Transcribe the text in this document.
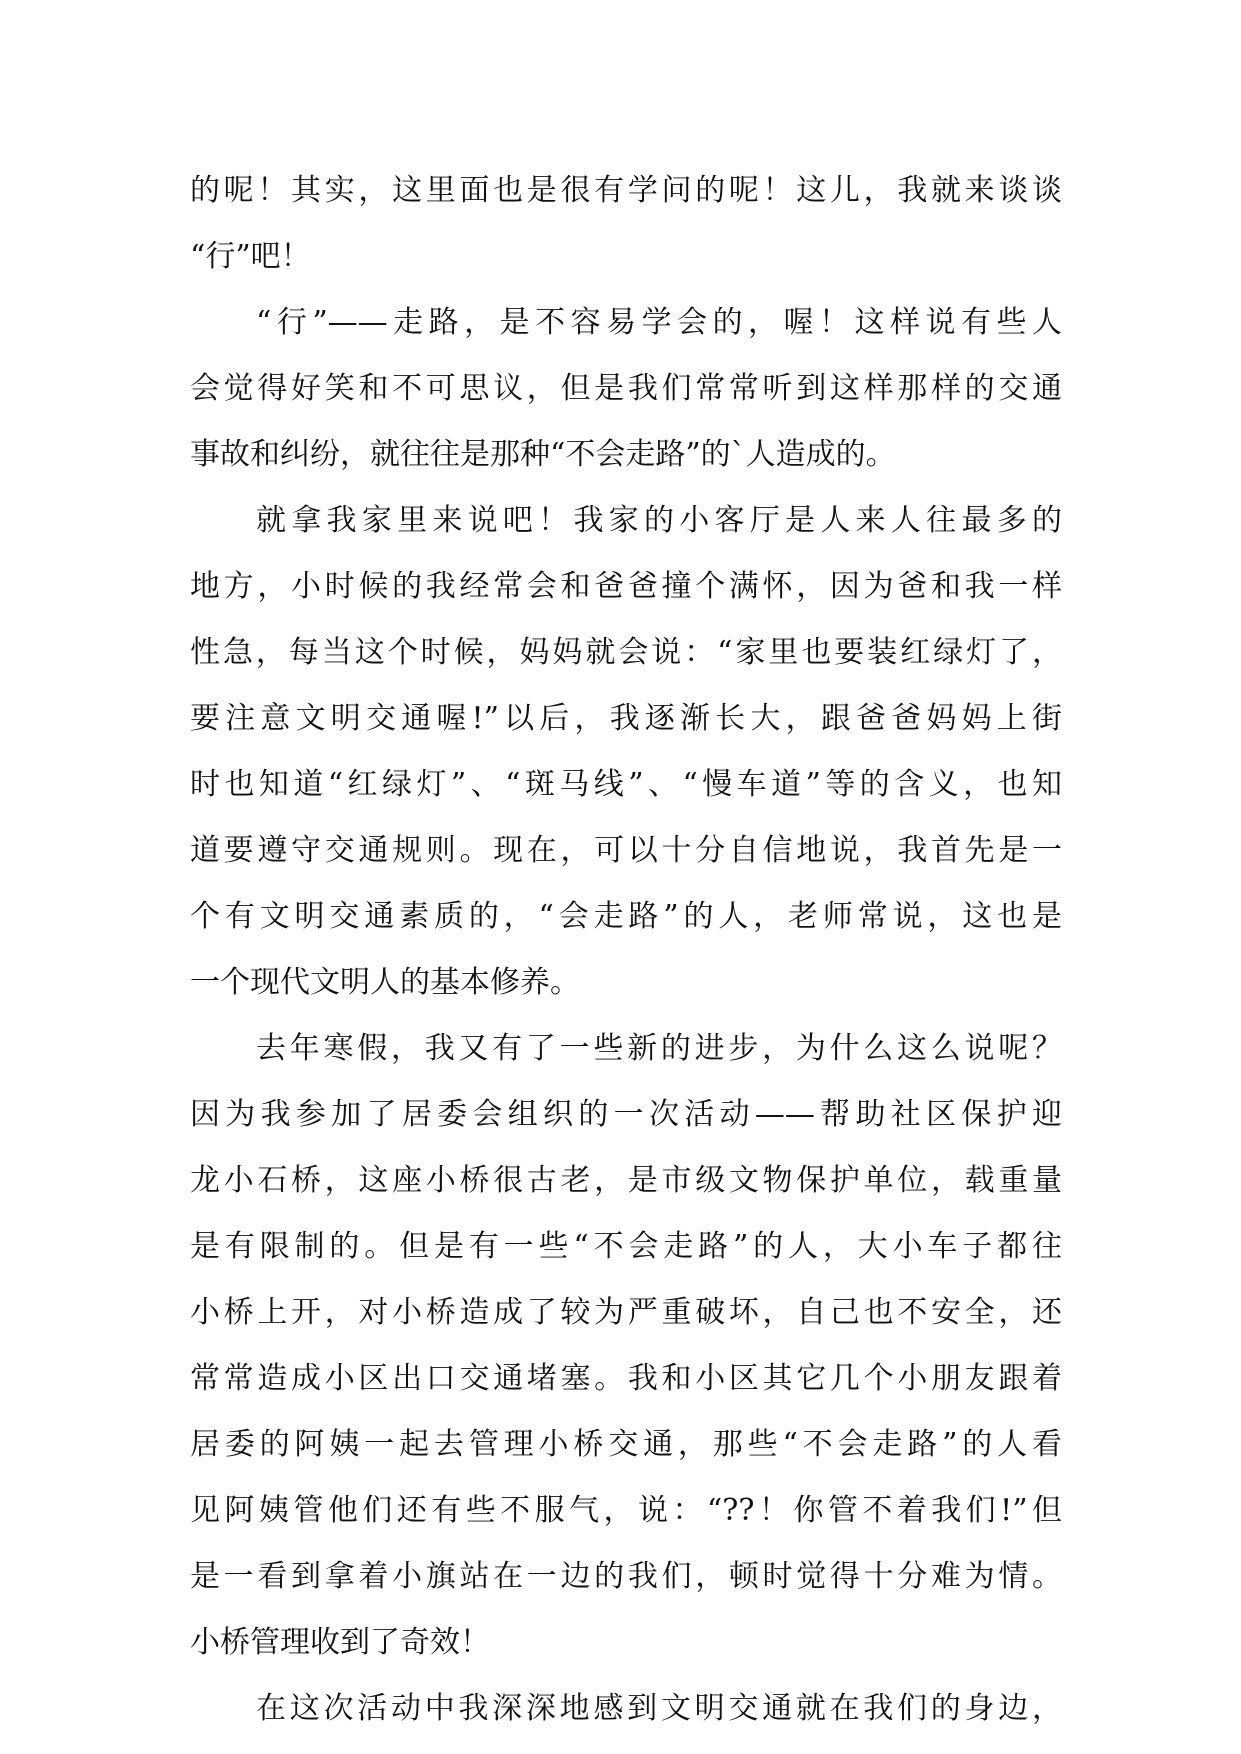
的呢！其实，这里面也是很有学问的呢！这儿，我就来谈谈
“行”吧！
“行”——走路，是不容易学会的，喔！这样说有些人
会觉得好笑和不可思议，但是我们常常听到这样那样的交通
事故和纠纷，就往往是那种“不会走路”的`人造成的。
就拿我家里来说吧！我家的小客厅是人来人往最多的
地方，小时候的我经常会和爸爸撞个满怀，因为爸和我一样
性急，每当这个时候，妈妈就会说：“家里也要装红绿灯了，
要注意文明交通喔!”以后，我逐渐长大，跟爸爸妈妈上街
时也知道“红绿灯”、“斑马线”、“慢车道”等的含义，也知
道要遵守交通规则。现在，可以十分自信地说，我首先是一
个有文明交通素质的，“会走路”的人，老师常说，这也是
一个现代文明人的基本修养。
去年寒假，我又有了一些新的进步，为什么这么说呢？
因为我参加了居委会组织的一次活动——帮助社区保护迎
龙小石桥，这座小桥很古老，是市级文物保护单位，载重量
是有限制的。但是有一些“不会走路”的人，大小车子都往
小桥上开，对小桥造成了较为严重破坏，自己也不安全，还
常常造成小区出口交通堵塞。我和小区其它几个小朋友跟着
居委的阿姨一起去管理小桥交通，那些“不会走路”的人看
见阿姨管他们还有些不服气，说：“??！你管不着我们!”但
是一看到拿着小旗站在一边的我们，顿时觉得十分难为情。
小桥管理收到了奇效！
在这次活动中我深深地感到文明交通就在我们的身边，
